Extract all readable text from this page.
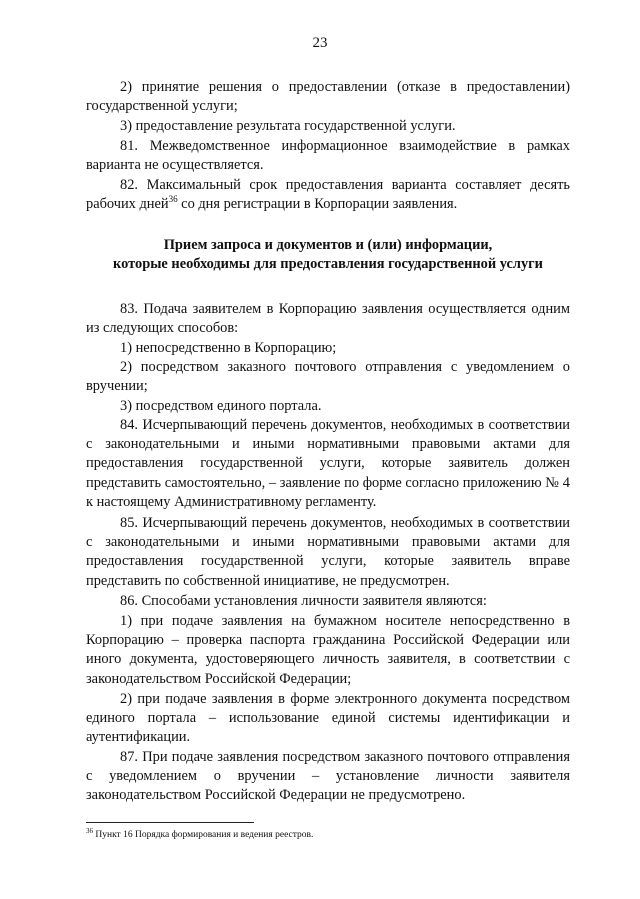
23

2) принятие решения о предоставлении (отказе в предоставлении) государственной услуги;

3) предоставление результата государственной услуги.

81. Межведомственное информационное взаимодействие в рамках варианта не осуществляется.

82. Максимальный срок предоставления варианта составляет десять рабочих дней$^{36}$ со дня регистрации в Корпорации заявления.

Прием запроса и документов и (или) информации,
которые необходимы для предоставления государственной услуги

83. Подача заявителем в Корпорацию заявления осуществляется одним из следующих способов:

1) непосредственно в Корпорацию;

2) посредством заказного почтового отправления с уведомлением о вручении;

3) посредством единого портала.

84. Исчерпывающий перечень документов, необходимых в соответствии с законодательными и иными нормативными правовыми актами для предоставления государственной услуги, которые заявитель должен представить самостоятельно, – заявление по форме согласно приложению № 4 к настоящему Административному регламенту.

85. Исчерпывающий перечень документов, необходимых в соответствии с законодательными и иными нормативными правовыми актами для предоставления государственной услуги, которые заявитель вправе представить по собственной инициативе, не предусмотрен.

86. Способами установления личности заявителя являются:

1) при подаче заявления на бумажном носителе непосредственно в Корпорацию – проверка паспорта гражданина Российской Федерации или иного документа, удостоверяющего личность заявителя, в соответствии с законодательством Российской Федерации;

2) при подаче заявления в форме электронного документа посредством единого портала – использование единой системы идентификации и аутентификации.

87. При подаче заявления посредством заказного почтового отправления с уведомлением о вручении – установление личности заявителя законодательством Российской Федерации не предусмотрено.

$^{36}$ Пункт 16 Порядка формирования и ведения реестров.
